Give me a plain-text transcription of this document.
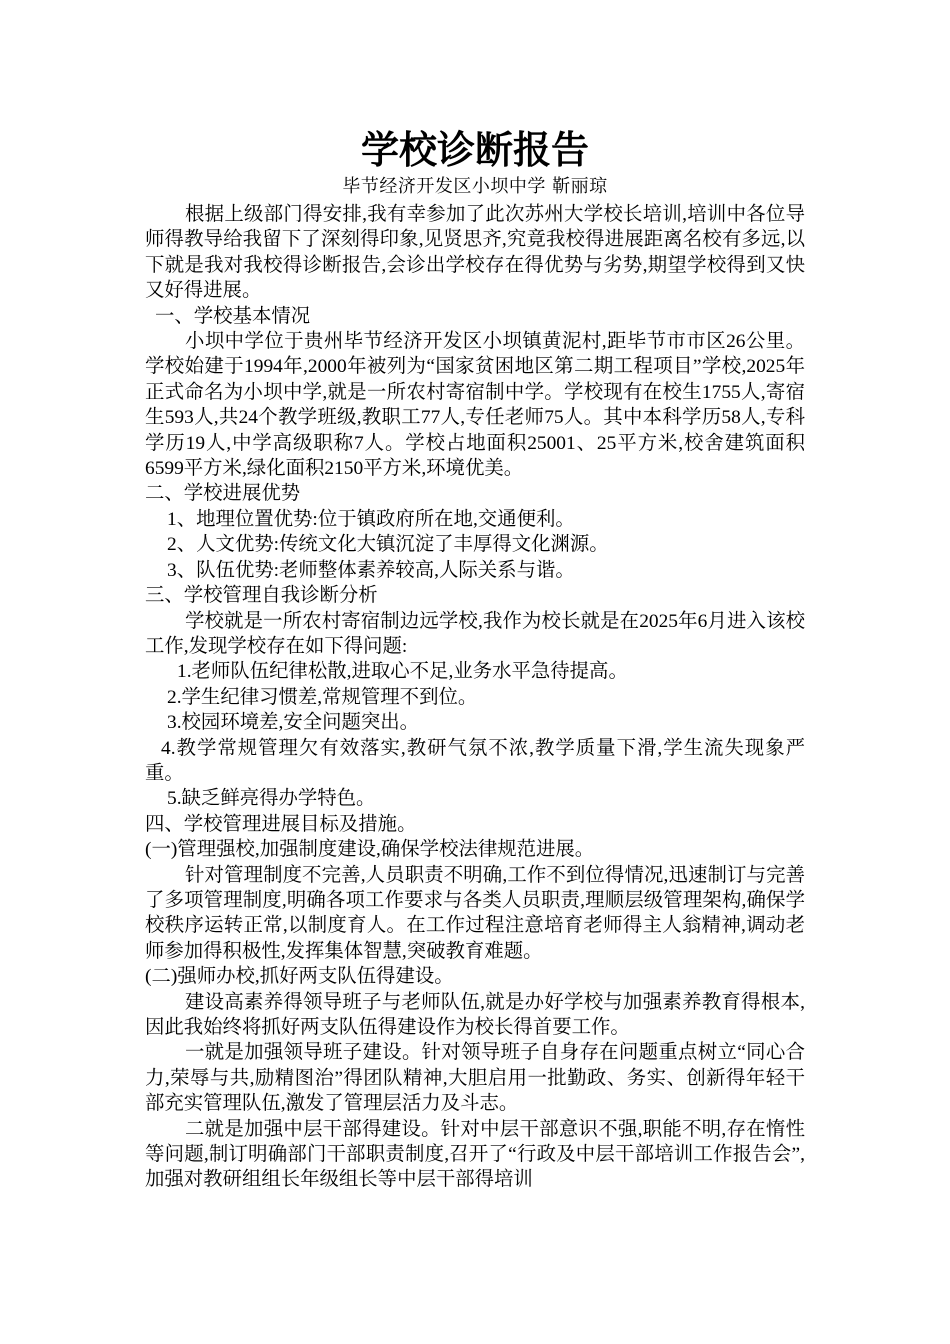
学校诊断报告
毕节经济开发区小坝中学 靳丽琼

根据上级部门得安排,我有幸参加了此次苏州大学校长培训,培训中各位导师得教导给我留下了深刻得印象,见贤思齐,究竟我校得进展距离名校有多远,以下就是我对我校得诊断报告,会诊出学校存在得优势与劣势,期望学校得到又快又好得进展。

一、学校基本情况

小坝中学位于贵州毕节经济开发区小坝镇黄泥村,距毕节市市区26公里。学校始建于1994年,2000年被列为“国家贫困地区第二期工程项目”学校,2025年正式命名为小坝中学,就是一所农村寄宿制中学。学校现有在校生1755人,寄宿生593人,共24个教学班级,教职工77人,专任老师75人。其中本科学历58人,专科学历19人,中学高级职称7人。学校占地面积25001、25平方米,校舍建筑面积6599平方米,绿化面积2150平方米,环境优美。

二、学校进展优势

1、地理位置优势:位于镇政府所在地,交通便利。

2、人文优势:传统文化大镇沉淀了丰厚得文化渊源。

3、队伍优势:老师整体素养较高,人际关系与谐。

三、学校管理自我诊断分析

学校就是一所农村寄宿制边远学校,我作为校长就是在2025年6月进入该校工作,发现学校存在如下得问题:

1.老师队伍纪律松散,进取心不足,业务水平急待提高。

2.学生纪律习惯差,常规管理不到位。

3.校园环境差,安全问题突出。

4.教学常规管理欠有效落实,教研气氛不浓,教学质量下滑,学生流失现象严重。

5.缺乏鲜亮得办学特色。

四、学校管理进展目标及措施。

(一)管理强校,加强制度建设,确保学校法律规范进展。

针对管理制度不完善,人员职责不明确,工作不到位得情况,迅速制订与完善了多项管理制度,明确各项工作要求与各类人员职责,理顺层级管理架构,确保学校秩序运转正常,以制度育人。在工作过程注意培育老师得主人翁精神,调动老师参加得积极性,发挥集体智慧,突破教育难题。

(二)强师办校,抓好两支队伍得建设。

建设高素养得领导班子与老师队伍,就是办好学校与加强素养教育得根本,因此我始终将抓好两支队伍得建设作为校长得首要工作。

一就是加强领导班子建设。针对领导班子自身存在问题重点树立“同心合力,荣辱与共,励精图治”得团队精神,大胆启用一批勤政、务实、创新得年轻干部充实管理队伍,激发了管理层活力及斗志。

二就是加强中层干部得建设。针对中层干部意识不强,职能不明,存在惰性等问题,制订明确部门干部职责制度,召开了“行政及中层干部培训工作报告会”,加强对教研组组长年级组长等中层干部得培训
